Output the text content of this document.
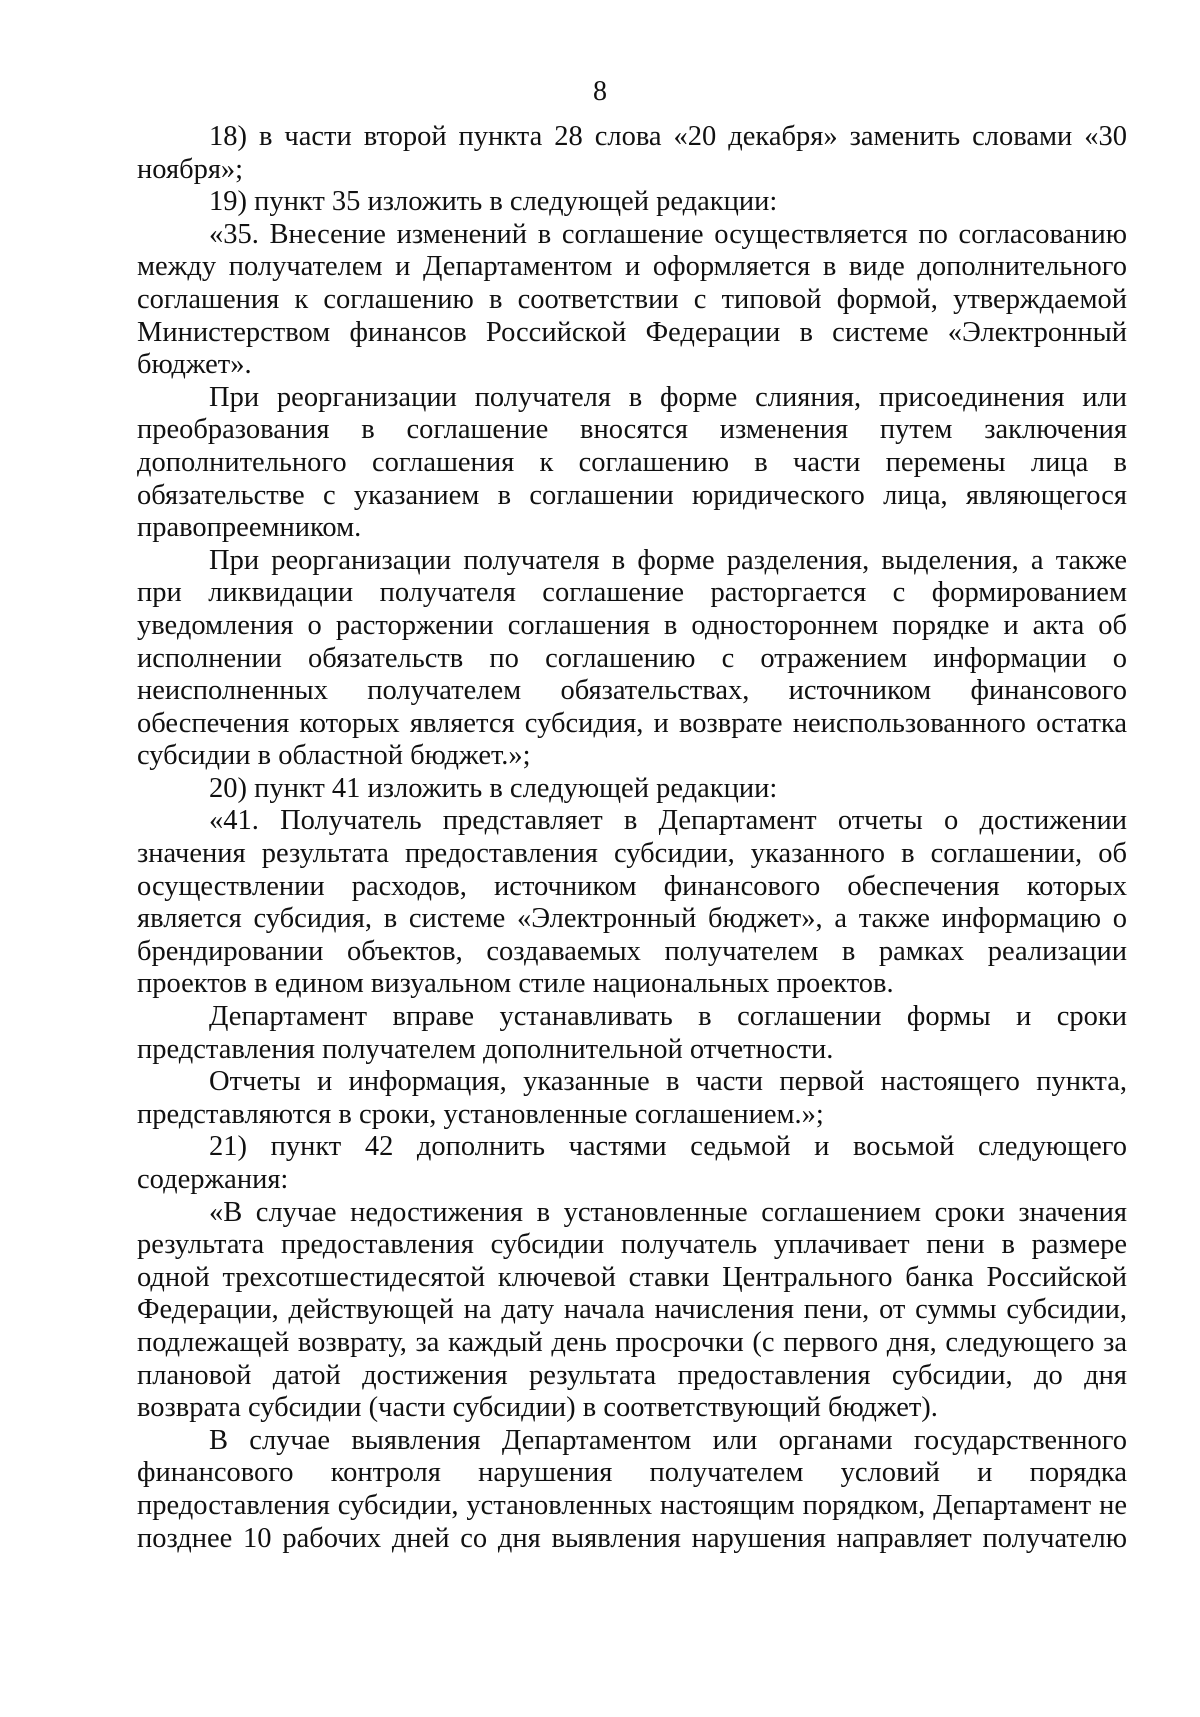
8

18) в части второй пункта 28 слова «20 декабря» заменить словами «30 ноября»;

19) пункт 35 изложить в следующей редакции:

«35. Внесение изменений в соглашение осуществляется по согласованию между получателем и Департаментом и оформляется в виде дополнительного соглашения к соглашению в соответствии с типовой формой, утверждаемой Министерством финансов Российской Федерации в системе «Электронный бюджет».

При реорганизации получателя в форме слияния, присоединения или преобразования в соглашение вносятся изменения путем заключения дополнительного соглашения к соглашению в части перемены лица в обязательстве с указанием в соглашении юридического лица, являющегося правопреемником.

При реорганизации получателя в форме разделения, выделения, а также при ликвидации получателя соглашение расторгается с формированием уведомления о расторжении соглашения в одностороннем порядке и акта об исполнении обязательств по соглашению с отражением информации о неисполненных получателем обязательствах, источником финансового обеспечения которых является субсидия, и возврате неиспользованного остатка субсидии в областной бюджет.»;

20) пункт 41 изложить в следующей редакции:

«41. Получатель представляет в Департамент отчеты о достижении значения результата предоставления субсидии, указанного в соглашении, об осуществлении расходов, источником финансового обеспечения которых является субсидия, в системе «Электронный бюджет», а также информацию о брендировании объектов, создаваемых получателем в рамках реализации проектов в едином визуальном стиле национальных проектов.

Департамент вправе устанавливать в соглашении формы и сроки представления получателем дополнительной отчетности.

Отчеты и информация, указанные в части первой настоящего пункта, представляются в сроки, установленные соглашением.»;

21) пункт 42 дополнить частями седьмой и восьмой следующего содержания:

«В случае недостижения в установленные соглашением сроки значения результата предоставления субсидии получатель уплачивает пени в размере одной трехсотшестидесятой ключевой ставки Центрального банка Российской Федерации, действующей на дату начала начисления пени, от суммы субсидии, подлежащей возврату, за каждый день просрочки (с первого дня, следующего за плановой датой достижения результата предоставления субсидии, до дня возврата субсидии (части субсидии) в соответствующий бюджет).

В случае выявления Департаментом или органами государственного финансового контроля нарушения получателем условий и порядка предоставления субсидии, установленных настоящим порядком, Департамент не позднее 10 рабочих дней со дня выявления нарушения направляет получателю
